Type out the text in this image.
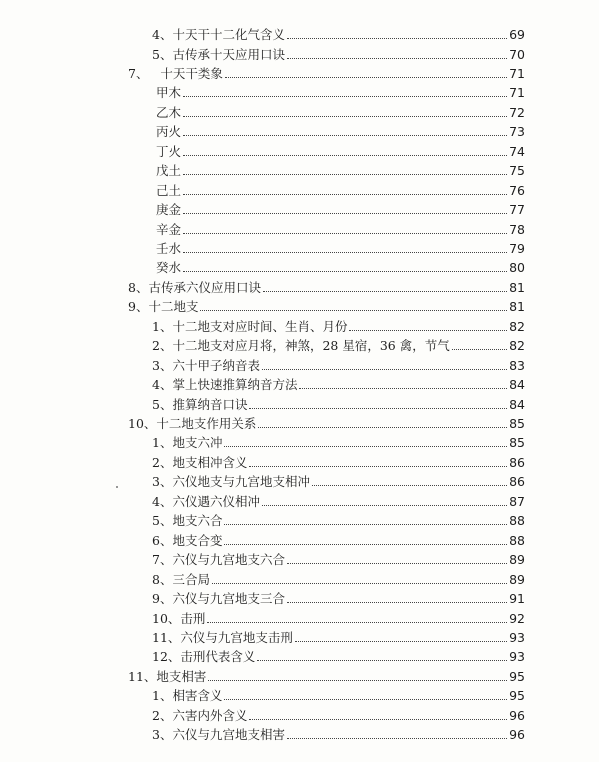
4、 十天干十二化气含义	69
5、 古传承十天应用口诀	70
7、 十天干类象	71
甲木	71
乙木	72
丙火	73
丁火	74
戊土	75
己土	76
庚金	77
辛金	78
壬水	79
癸水	80
8、 古传承六仪应用口诀	81
9、 十二地支	81
1、 十二地支对应时间、生肖、月份	82
2、 十二地支对应月将，神煞，28 星宿，36 禽，节气	82
3、 六十甲子纳音表	83
4、 掌上快速推算纳音方法	84
5、 推算纳音口诀	84
10、 十二地支作用关系	85
1、 地支六冲	85
2、 地支相冲含义	86
3、 六仪地支与九宫地支相冲	86
4、 六仪遇六仪相冲	87
5、 地支六合	88
6、 地支合变	88
7、 六仪与九宫地支六合	89
8、 三合局	89
9、 六仪与九宫地支三合	91
10、 击刑	92
11、 六仪与九宫地支击刑	93
12、 击刑代表含义	93
11、 地支相害	95
1、 相害含义	95
2、 六害内外含义	96
3、 六仪与九宫地支相害	96
